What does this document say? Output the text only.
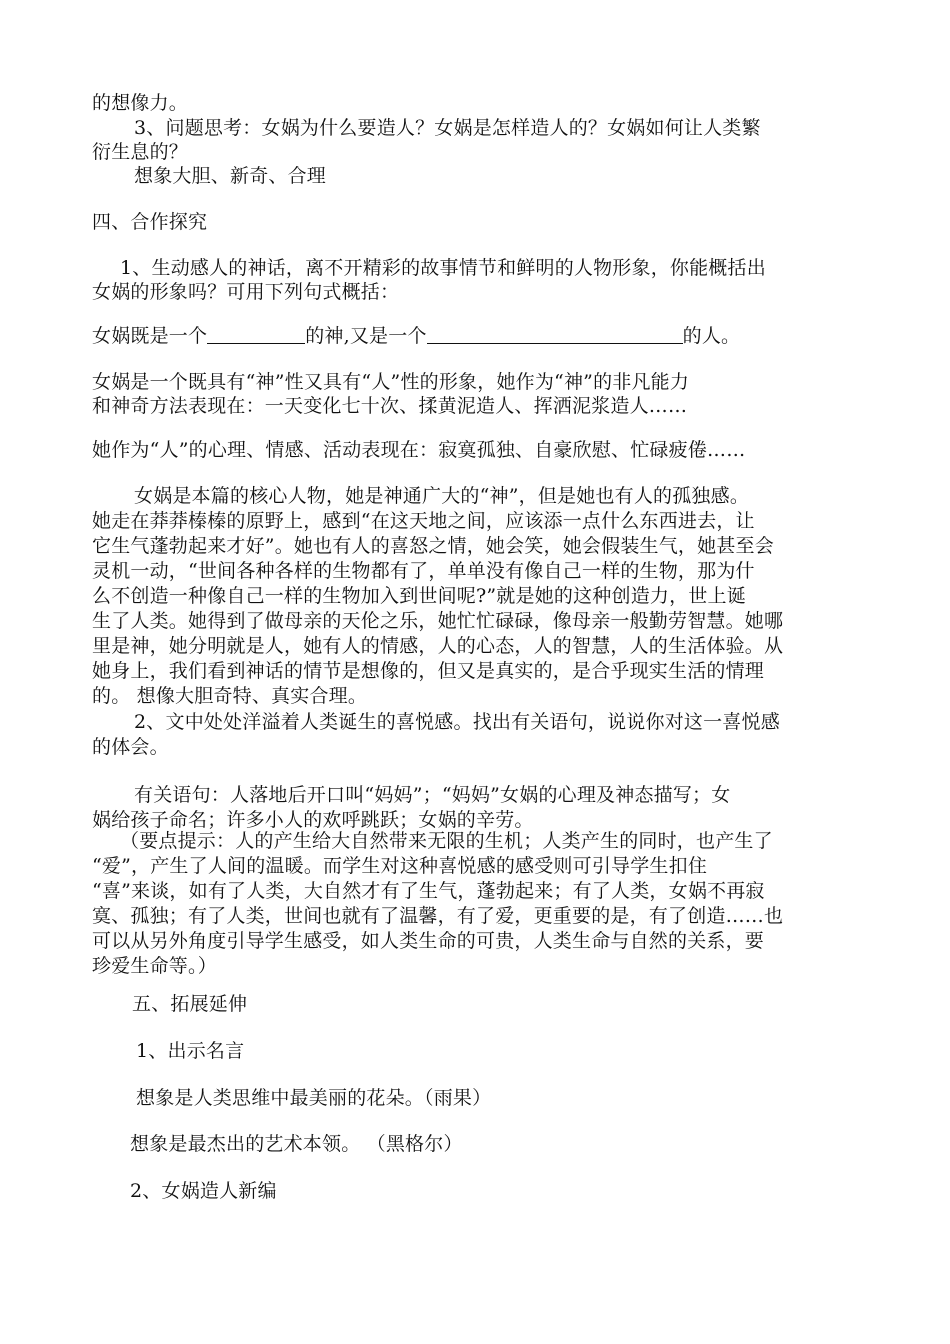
的想像力。
3、问题思考：女娲为什么要造人？女娲是怎样造人的？女娲如何让人类繁
衍生息的？
想象大胆、新奇、合理
四、合作探究
1、生动感人的神话，离不开精彩的故事情节和鲜明的人物形象，你能概括出
女娲的形象吗？可用下列句式概括：
女娲既是一个	的神,又是一个	的人。
女娲是一个既具有“神”性又具有“人”性的形象，她作为“神”的非凡能力
和神奇方法表现在：一天变化七十次、揉黄泥造人、挥洒泥浆造人……
她作为“人”的心理、情感、活动表现在：寂寞孤独、自豪欣慰、忙碌疲倦……
女娲是本篇的核心人物，她是神通广大的“神”，但是她也有人的孤独感。
她走在莽莽榛榛的原野上，感到“在这天地之间，应该添一点什么东西进去，让
它生气蓬勃起来才好”。她也有人的喜怒之情，她会笑，她会假装生气，她甚至会
灵机一动，“世间各种各样的生物都有了，单单没有像自己一样的生物，那为什
么不创造一种像自己一样的生物加入到世间呢?”就是她的这种创造力，世上诞
生了人类。她得到了做母亲的天伦之乐，她忙忙碌碌，像母亲一般勤劳智慧。她哪
里是神，她分明就是人，她有人的情感，人的心态，人的智慧，人的生活体验。从
她身上，我们看到神话的情节是想像的，但又是真实的，是合乎现实生活的情理
的。 想像大胆奇特、真实合理。
2、文中处处洋溢着人类诞生的喜悦感。找出有关语句，说说你对这一喜悦感
的体会。
有关语句：人落地后开口叫“妈妈”；“妈妈”女娲的心理及神态描写；女
娲给孩子命名；许多小人的欢呼跳跃；女娲的辛劳。
（要点提示：人的产生给大自然带来无限的生机；人类产生的同时，也产生了
“爱”，产生了人间的温暖。而学生对这种喜悦感的感受则可引导学生扣住
“喜”来谈，如有了人类，大自然才有了生气，蓬勃起来；有了人类，女娲不再寂
寞、孤独；有了人类，世间也就有了温馨，有了爱，更重要的是，有了创造……也
可以从另外角度引导学生感受，如人类生命的可贵，人类生命与自然的关系，要
珍爱生命等。）
五、拓展延伸
1、出示名言
想象是人类思维中最美丽的花朵。（雨果）
想象是最杰出的艺术本领。 （黑格尔）
2、女娲造人新编
